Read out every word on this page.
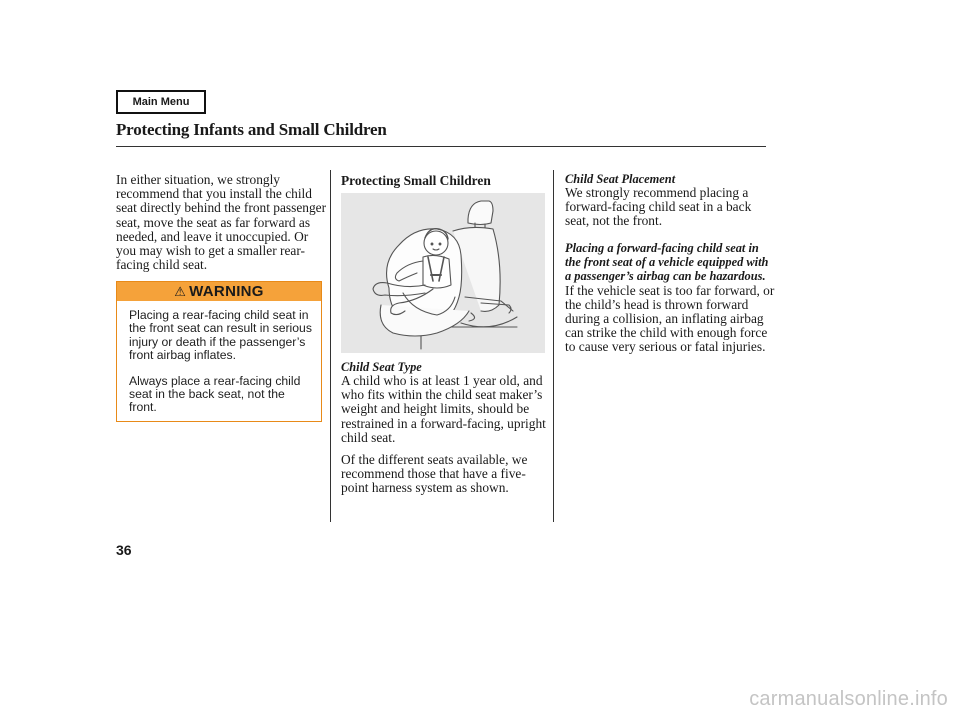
Main Menu
Protecting Infants and Small Children
In either situation, we strongly recommend that you install the child seat directly behind the front passenger seat, move the seat as far forward as needed, and leave it unoccupied. Or you may wish to get a smaller rear-facing child seat.
⚠ WARNING

Placing a rear-facing child seat in the front seat can result in serious injury or death if the passenger’s front airbag inflates.

Always place a rear-facing child seat in the back seat, not the front.

Protecting Small Children
Child Seat Type
A child who is at least 1 year old, and who fits within the child seat maker’s weight and height limits, should be restrained in a forward-facing, upright child seat.
Of the different seats available, we recommend those that have a five-point harness system as shown.
Child Seat Placement
We strongly recommend placing a forward-facing child seat in a back seat, not the front.
Placing a forward-facing child seat in the front seat of a vehicle equipped with a passenger’s airbag can be hazardous. If the vehicle seat is too far forward, or the child’s head is thrown forward during a collision, an inflating airbag can strike the child with enough force to cause very serious or fatal injuries.
36
carmanualsonline.info
